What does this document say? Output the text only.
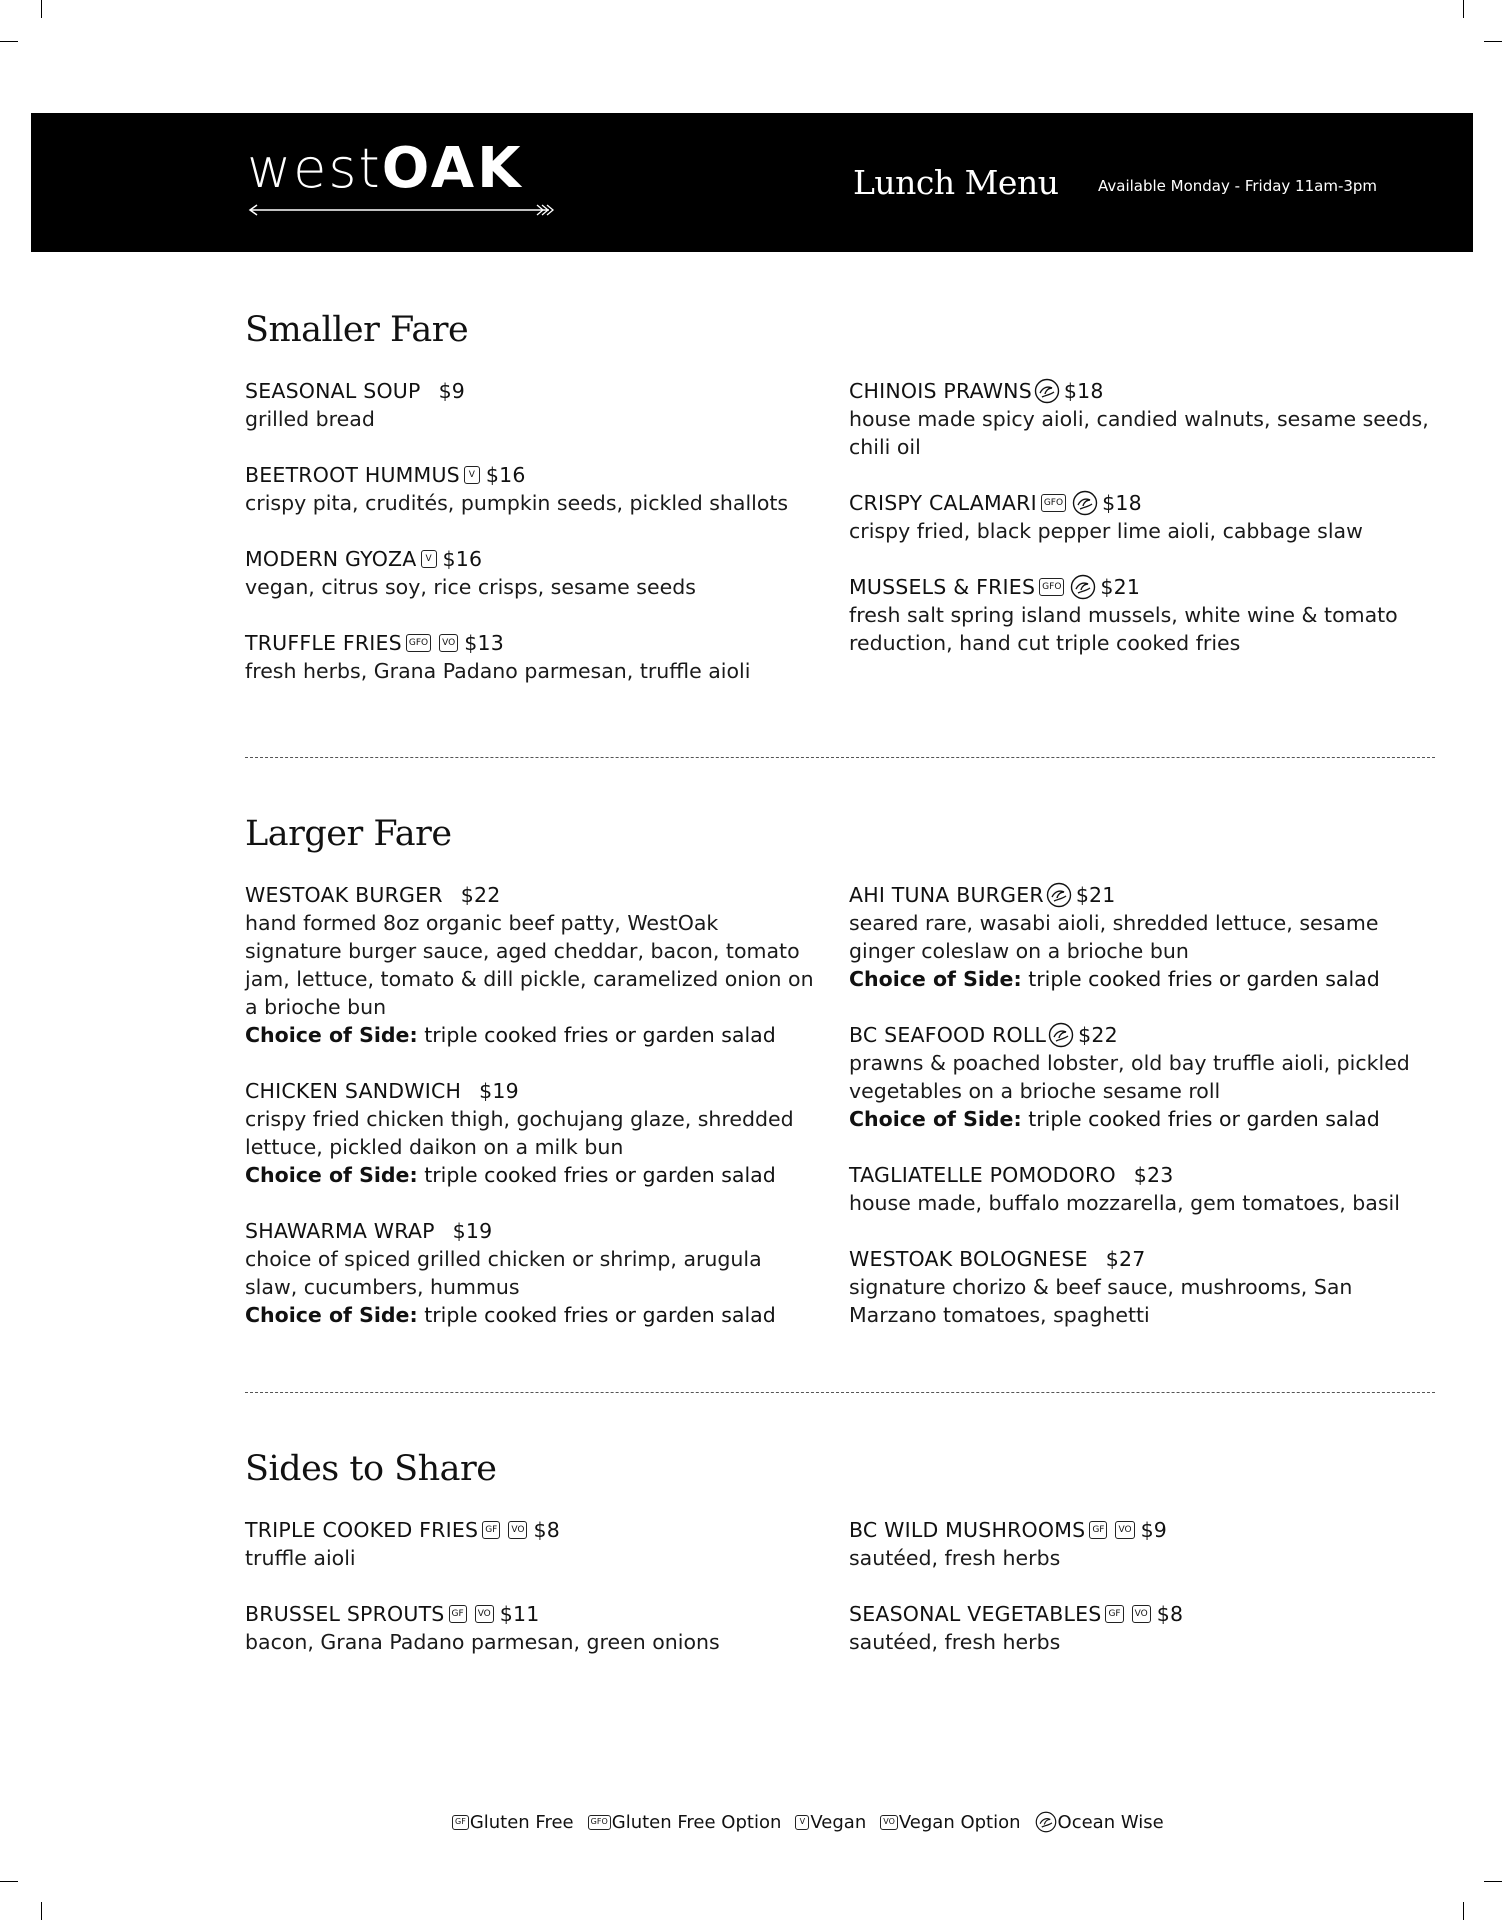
westOAK	Lunch Menu	Available Monday - Friday 11am-3pm
Smaller Fare
Larger Fare
Sides to Share
SEASONAL SOUP $9
grilled bread
BEETROOT HUMMUS V $16
crispy pita, crudités, pumpkin seeds, pickled shallots
MODERN GYOZA V $16
vegan, citrus soy, rice crisps, sesame seeds
TRUFFLE FRIES GFO	VO $13
fresh herbs, Grana Padano parmesan, truffle aioli
CHINOIS PRAWNS $18
house made spicy aioli, candied walnuts, sesame seeds, chili oil
CRISPY CALAMARI GFO $18
crispy fried, black pepper lime aioli, cabbage slaw
MUSSELS & FRIES GFO $21
fresh salt spring island mussels, white wine & tomato reduction, hand cut triple cooked fries
WESTOAK BURGER $22
hand formed 8oz organic beef patty, WestOak signature burger sauce, aged cheddar, bacon, tomato jam, lettuce, tomato & dill pickle, caramelized onion on a brioche bun
Choice of Side: triple cooked fries or garden salad
CHICKEN SANDWICH $19
crispy fried chicken thigh, gochujang glaze, shredded lettuce, pickled daikon on a milk bun
Choice of Side: triple cooked fries or garden salad
SHAWARMA WRAP $19
choice of spiced grilled chicken or shrimp, arugula slaw, cucumbers, hummus
Choice of Side: triple cooked fries or garden salad
AHI TUNA BURGER $21
seared rare, wasabi aioli, shredded lettuce, sesame ginger coleslaw on a brioche bun
Choice of Side: triple cooked fries or garden salad
BC SEAFOOD ROLL $22
prawns & poached lobster, old bay truffle aioli, pickled vegetables on a brioche sesame roll
Choice of Side: triple cooked fries or garden salad
TAGLIATELLE POMODORO $23
house made, buffalo mozzarella, gem tomatoes, basil
WESTOAK BOLOGNESE $27
signature chorizo & beef sauce, mushrooms, San Marzano tomatoes, spaghetti
TRIPLE COOKED FRIES GF	VO $8
truffle aioli
BRUSSEL SPROUTS GF	VO $11
bacon, Grana Padano parmesan, green onions
BC WILD MUSHROOMS GF	VO $9
sautéed, fresh herbs
SEASONAL VEGETABLES GF	VO $8
sautéed, fresh herbs
GF Gluten Free	GFO Gluten Free Option	V Vegan	VO Vegan Option Ocean Wise
